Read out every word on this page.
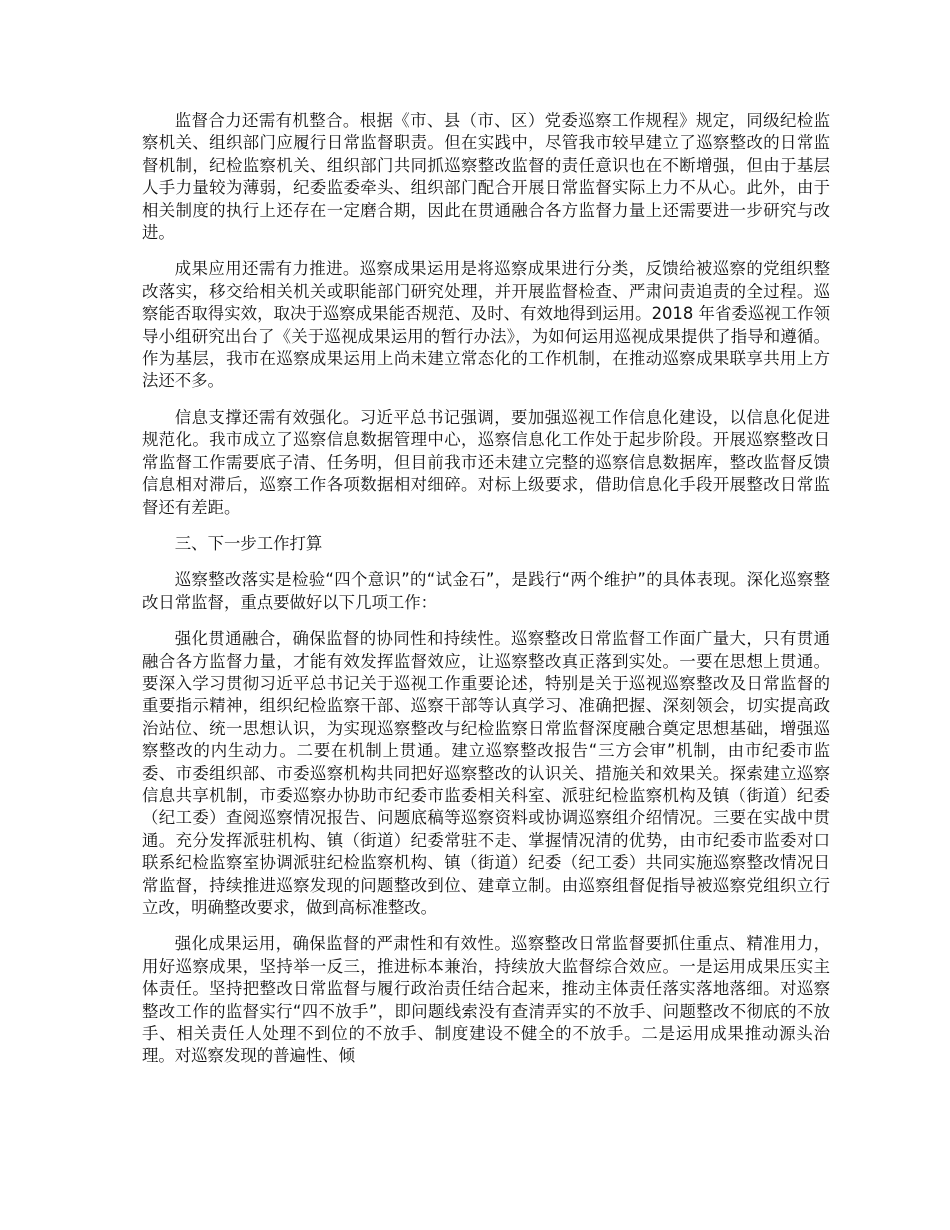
监督合力还需有机整合。根据《市、县（市、区）党委巡察工作规程》规定，同级纪检监察机关、组织部门应履行日常监督职责。但在实践中，尽管我市较早建立了巡察整改的日常监督机制，纪检监察机关、组织部门共同抓巡察整改监督的责任意识也在不断增强，但由于基层人手力量较为薄弱，纪委监委牵头、组织部门配合开展日常监督实际上力不从心。此外，由于相关制度的执行上还存在一定磨合期，因此在贯通融合各方监督力量上还需要进一步研究与改进。

成果应用还需有力推进。巡察成果运用是将巡察成果进行分类，反馈给被巡察的党组织整改落实，移交给相关机关或职能部门研究处理，并开展监督检查、严肃问责追责的全过程。巡察能否取得实效，取决于巡察成果能否规范、及时、有效地得到运用。2018 年省委巡视工作领导小组研究出台了《关于巡视成果运用的暂行办法》，为如何运用巡视成果提供了指导和遵循。作为基层，我市在巡察成果运用上尚未建立常态化的工作机制，在推动巡察成果联享共用上方法还不多。

信息支撑还需有效强化。习近平总书记强调，要加强巡视工作信息化建设，以信息化促进规范化。我市成立了巡察信息数据管理中心，巡察信息化工作处于起步阶段。开展巡察整改日常监督工作需要底子清、任务明，但目前我市还未建立完整的巡察信息数据库，整改监督反馈信息相对滞后，巡察工作各项数据相对细碎。对标上级要求，借助信息化手段开展整改日常监督还有差距。

三、下一步工作打算

巡察整改落实是检验“四个意识”的“试金石”，是践行“两个维护”的具体表现。深化巡察整改日常监督，重点要做好以下几项工作：

强化贯通融合，确保监督的协同性和持续性。巡察整改日常监督工作面广量大，只有贯通融合各方监督力量，才能有效发挥监督效应，让巡察整改真正落到实处。一要在思想上贯通。要深入学习贯彻习近平总书记关于巡视工作重要论述，特别是关于巡视巡察整改及日常监督的重要指示精神，组织纪检监察干部、巡察干部等认真学习、准确把握、深刻领会，切实提高政治站位、统一思想认识，为实现巡察整改与纪检监察日常监督深度融合奠定思想基础，增强巡察整改的内生动力。二要在机制上贯通。建立巡察整改报告“三方会审”机制，由市纪委市监委、市委组织部、市委巡察机构共同把好巡察整改的认识关、措施关和效果关。探索建立巡察信息共享机制，市委巡察办协助市纪委市监委相关科室、派驻纪检监察机构及镇（街道）纪委（纪工委）查阅巡察情况报告、问题底稿等巡察资料或协调巡察组介绍情况。三要在实战中贯通。充分发挥派驻机构、镇（街道）纪委常驻不走、掌握情况清的优势，由市纪委市监委对口联系纪检监察室协调派驻纪检监察机构、镇（街道）纪委（纪工委）共同实施巡察整改情况日常监督，持续推进巡察发现的问题整改到位、建章立制。由巡察组督促指导被巡察党组织立行立改，明确整改要求，做到高标准整改。

强化成果运用，确保监督的严肃性和有效性。巡察整改日常监督要抓住重点、精准用力，用好巡察成果，坚持举一反三，推进标本兼治，持续放大监督综合效应。一是运用成果压实主体责任。坚持把整改日常监督与履行政治责任结合起来，推动主体责任落实落地落细。对巡察整改工作的监督实行“四不放手”，即问题线索没有查清弄实的不放手、问题整改不彻底的不放手、相关责任人处理不到位的不放手、制度建设不健全的不放手。二是运用成果推动源头治理。对巡察发现的普遍性、倾
